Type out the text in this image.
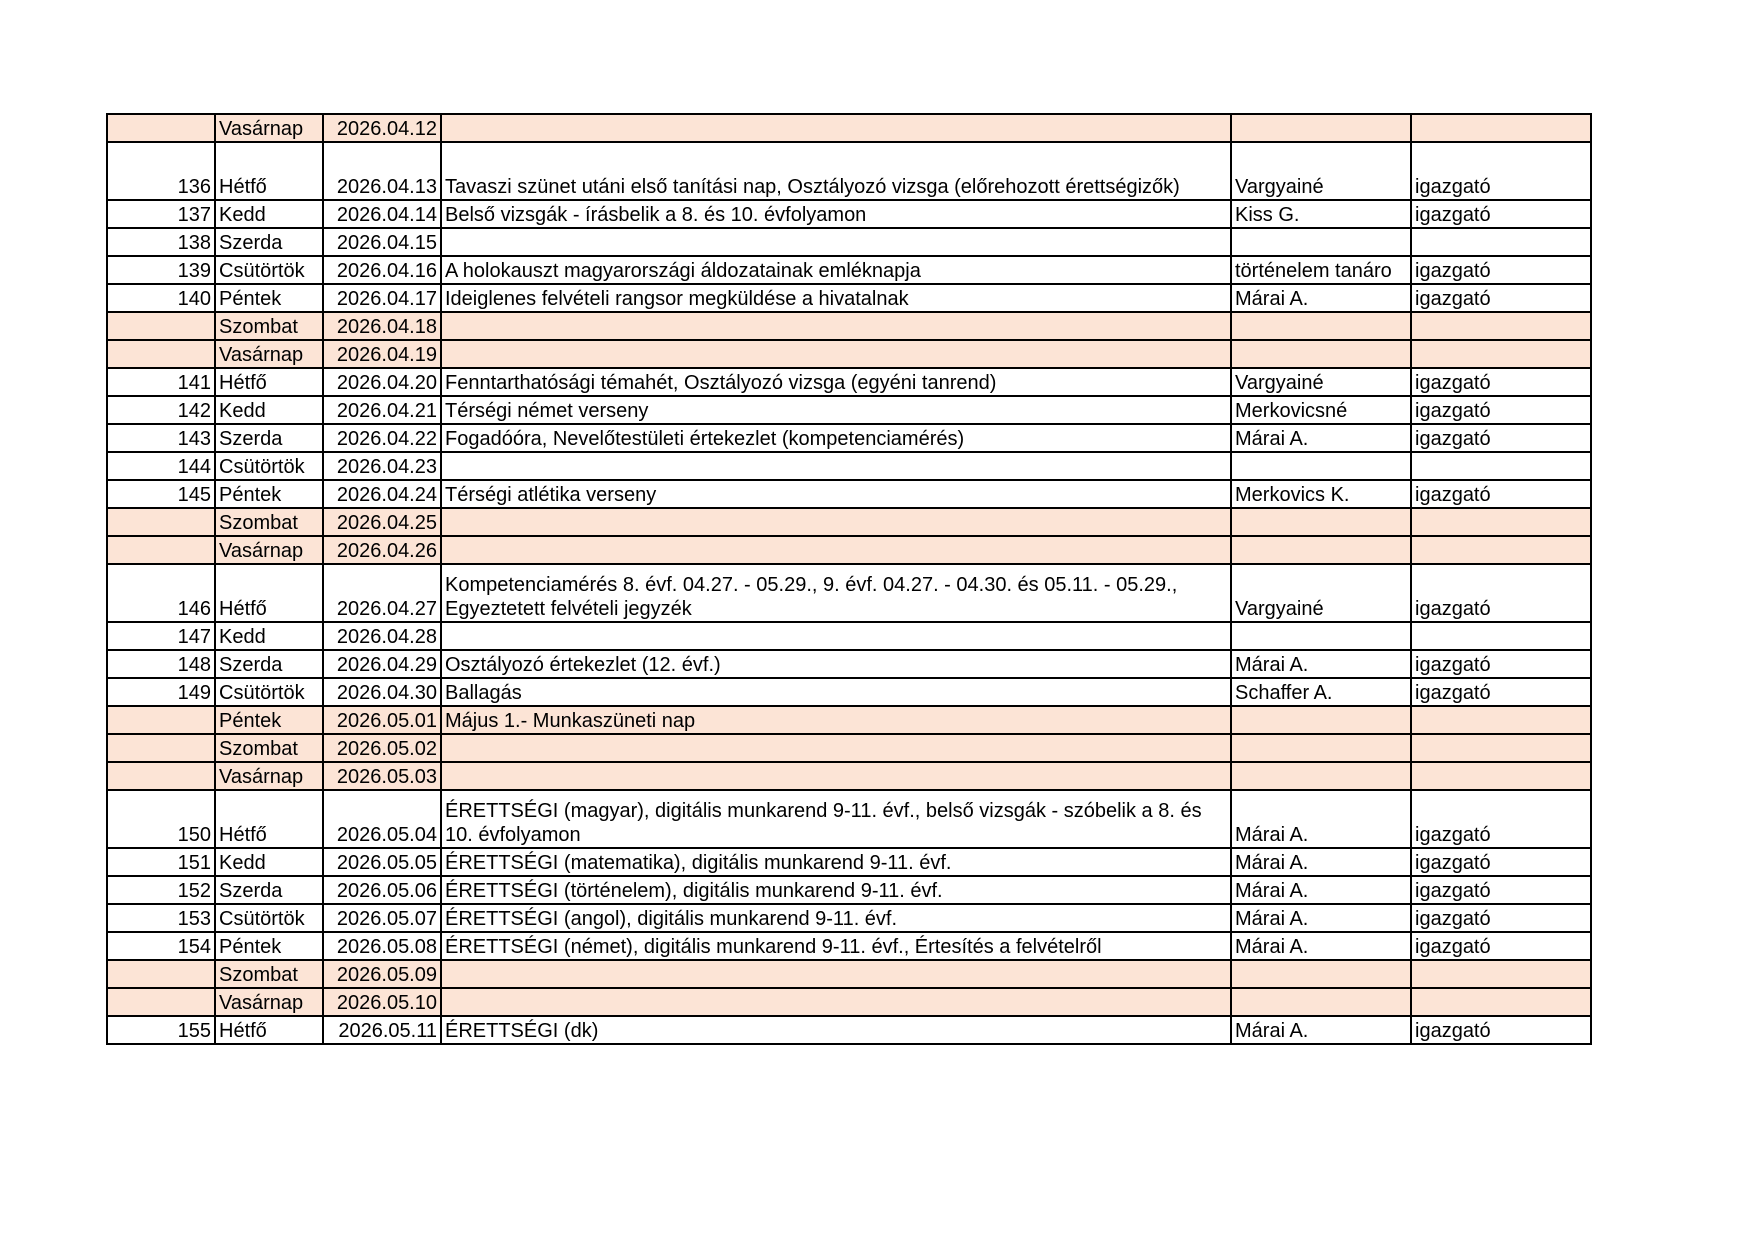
	Vasárnap	2026.04.12			
136	Hétfő	2026.04.13	Tavaszi szünet utáni első tanítási nap, Osztályozó vizsga (előrehozott érettségizők)	Vargyainé	igazgató
137	Kedd	2026.04.14	Belső vizsgák - írásbelik a 8. és 10. évfolyamon	Kiss G.	igazgató
138	Szerda	2026.04.15			
139	Csütörtök	2026.04.16	A holokauszt magyarországi áldozatainak emléknapja	történelem tanáro	igazgató
140	Péntek	2026.04.17	Ideiglenes felvételi rangsor megküldése a hivatalnak	Márai A.	igazgató
	Szombat	2026.04.18			
	Vasárnap	2026.04.19			
141	Hétfő	2026.04.20	Fenntarthatósági témahét, Osztályozó vizsga (egyéni tanrend)	Vargyainé	igazgató
142	Kedd	2026.04.21	Térségi német verseny	Merkovicsné	igazgató
143	Szerda	2026.04.22	Fogadóóra, Nevelőtestületi értekezlet (kompetenciamérés)	Márai A.	igazgató
144	Csütörtök	2026.04.23			
145	Péntek	2026.04.24	Térségi atlétika verseny	Merkovics K.	igazgató
	Szombat	2026.04.25			
	Vasárnap	2026.04.26			
146	Hétfő	2026.04.27	Kompetenciamérés 8. évf. 04.27. - 05.29., 9. évf. 04.27. - 04.30. és 05.11. - 05.29., Egyeztetett felvételi jegyzék	Vargyainé	igazgató
147	Kedd	2026.04.28			
148	Szerda	2026.04.29	Osztályozó értekezlet (12. évf.)	Márai A.	igazgató
149	Csütörtök	2026.04.30	Ballagás	Schaffer A.	igazgató
	Péntek	2026.05.01	Május 1.- Munkaszüneti nap		
	Szombat	2026.05.02			
	Vasárnap	2026.05.03			
150	Hétfő	2026.05.04	ÉRETTSÉGI (magyar), digitális munkarend 9-11. évf., belső vizsgák - szóbelik a 8. és 10. évfolyamon	Márai A.	igazgató
151	Kedd	2026.05.05	ÉRETTSÉGI (matematika), digitális munkarend 9-11. évf.	Márai A.	igazgató
152	Szerda	2026.05.06	ÉRETTSÉGI (történelem), digitális munkarend 9-11. évf.	Márai A.	igazgató
153	Csütörtök	2026.05.07	ÉRETTSÉGI (angol), digitális munkarend 9-11. évf.	Márai A.	igazgató
154	Péntek	2026.05.08	ÉRETTSÉGI (német), digitális munkarend 9-11. évf., Értesítés a felvételről	Márai A.	igazgató
	Szombat	2026.05.09			
	Vasárnap	2026.05.10			
155	Hétfő	2026.05.11	ÉRETTSÉGI (dk)	Márai A.	igazgató
